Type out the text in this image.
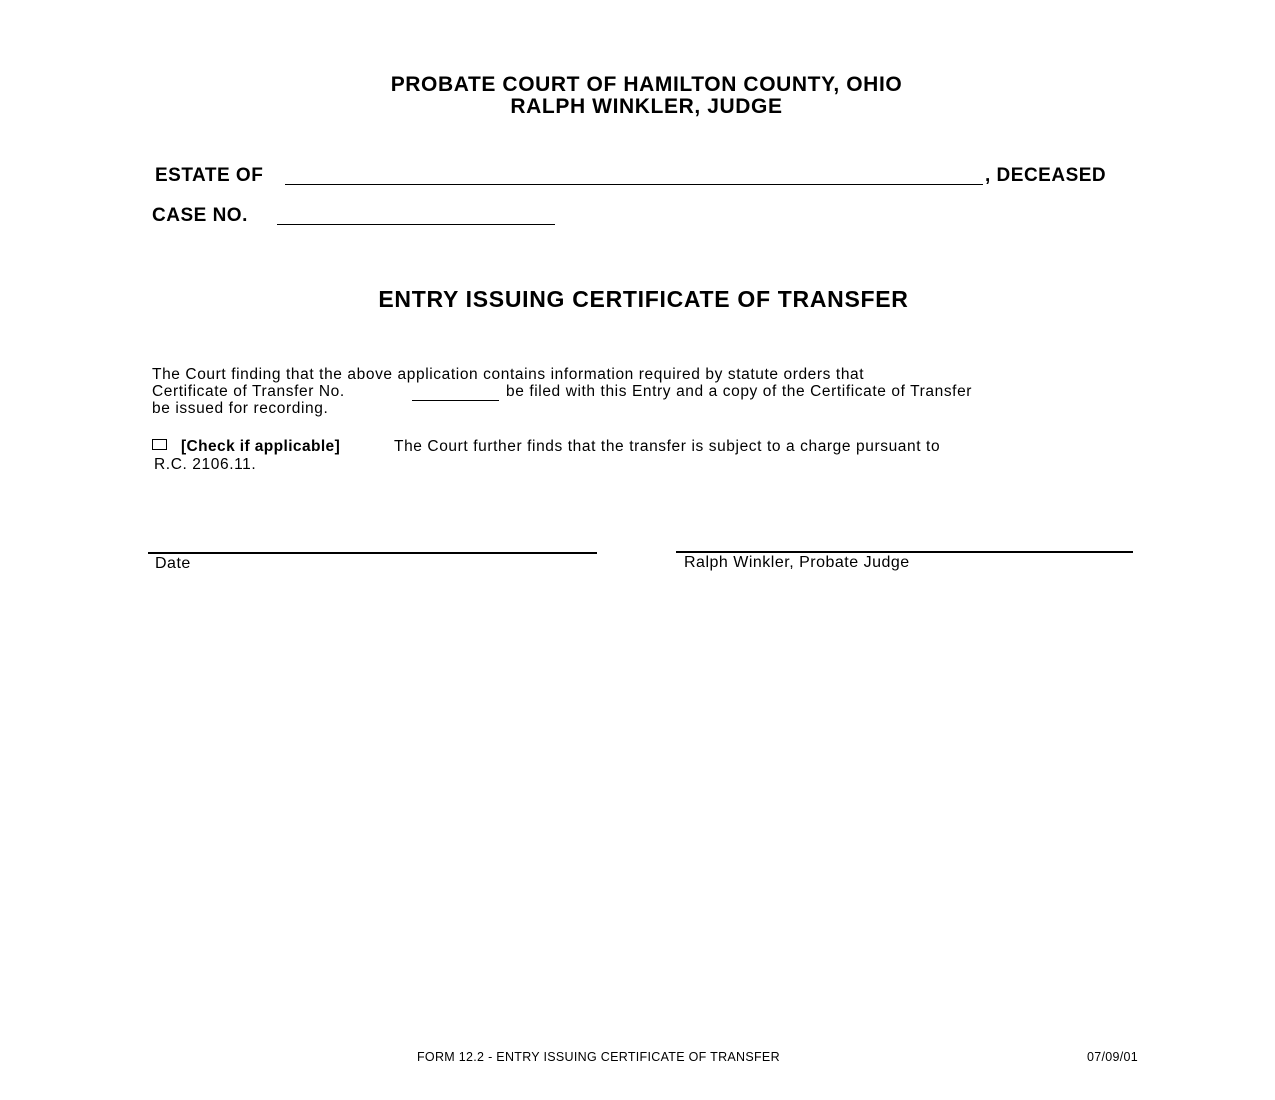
PROBATE COURT OF HAMILTON COUNTY, OHIO
RALPH WINKLER, JUDGE
ESTATE OF	, DECEASED
CASE NO.
ENTRY ISSUING CERTIFICATE OF TRANSFER
The Court finding that the above application contains information required by statute orders that
Certificate of Transfer No.	be filed with this Entry and a copy of the Certificate of Transfer
be issued for recording.
[Check if applicable]	The Court further finds that the transfer is subject to a charge pursuant to
R.C. 2106.11.
Date	Ralph Winkler, Probate Judge
FORM 12.2 - ENTRY ISSUING CERTIFICATE OF TRANSFER	07/09/01
